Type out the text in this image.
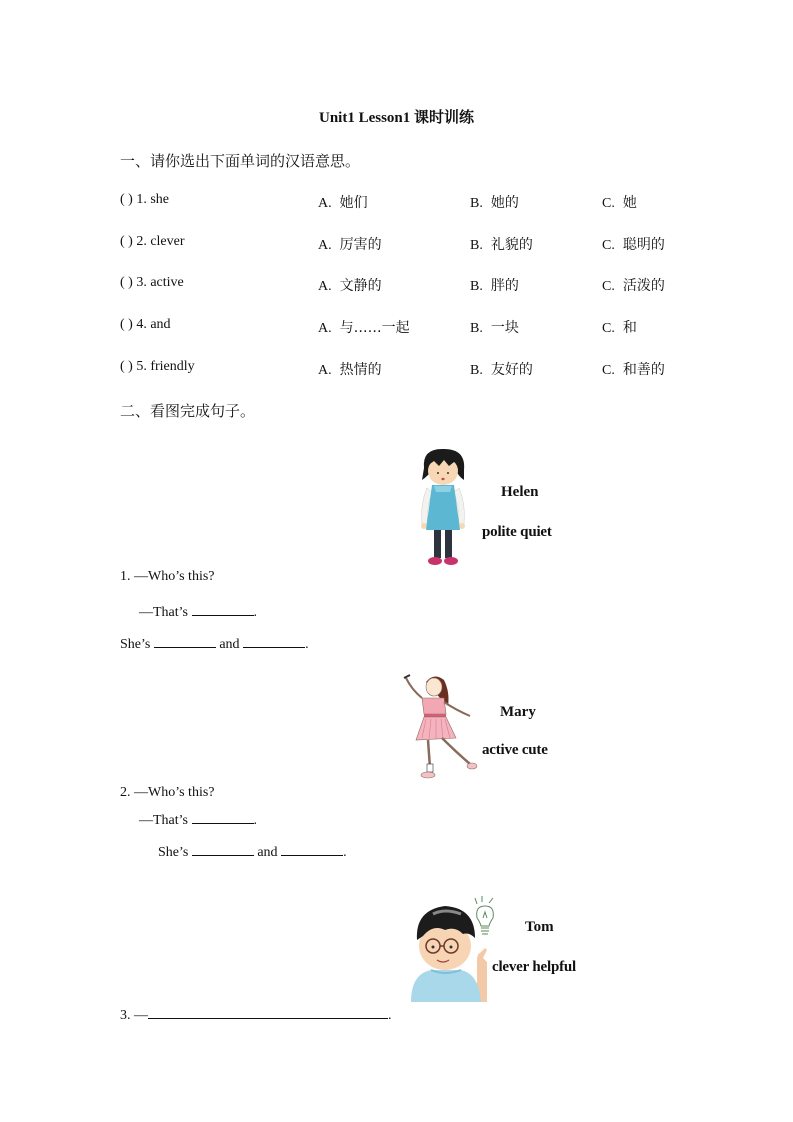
Unit1 Lesson1 课时训练
一、请你选出下面单词的汉语意思。
( ) 1. she	A. 她们	B. 她的	C. 她
( ) 2. clever	A. 厉害的	B. 礼貌的	C. 聪明的
( ) 3. active	A. 文静的	B. 胖的	C. 活泼的
( ) 4. and	A. 与……一起	B. 一块	C. 和
( ) 5. friendly	A. 热情的	B. 友好的	C. 和善的
二、看图完成句子。
Helen
polite quiet
1. —Who’s this?
—That’s	.
She’s	and	.
Mary
active cute
2. —Who’s this?
—That’s	.
She’s	and	.
Tom
clever helpful
3. —	.
